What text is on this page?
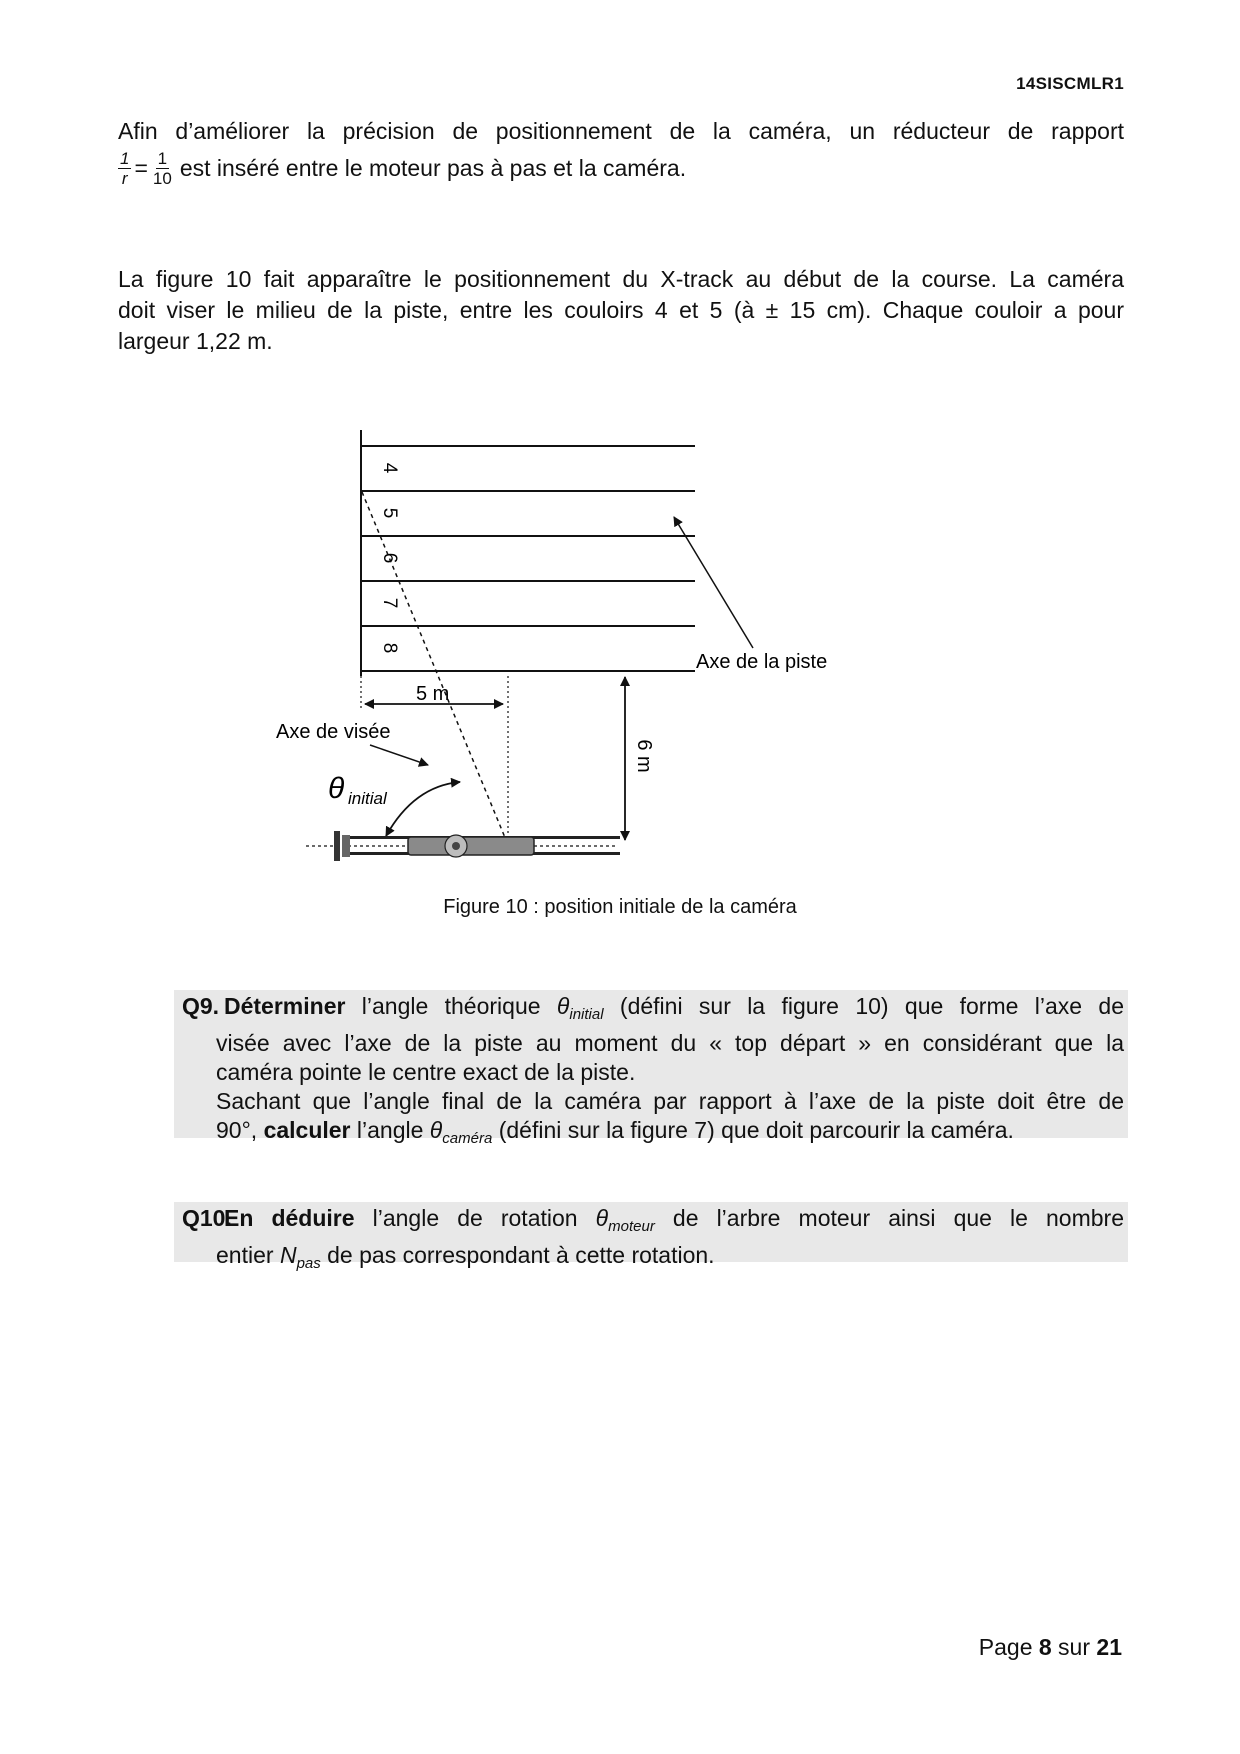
14SISCMLR1
Afin d’améliorer la précision de positionnement de la caméra, un réducteur de rapport
$\frac{1}{r} = \frac{1}{10}$ est inséré entre le moteur pas à pas et la caméra.
La figure 10 fait apparaître le positionnement du X-track au début de la course. La caméra
doit viser le milieu de la piste, entre les couloirs 4 et 5 (à ± 15 cm). Chaque couloir a pour
largeur 1,22 m.
4
5
6
7
8
5 m
6 m
Axe de la piste
Axe de visée
θ initial
Figure 10 : position initiale de la caméra
Q9. Déterminer l’angle théorique $\theta_{initial}$ (défini sur la figure 10) que forme l’axe de
visée avec l’axe de la piste au moment du « top départ » en considérant que la
caméra pointe le centre exact de la piste.
Sachant que l’angle final de la caméra par rapport à l’axe de la piste doit être de
90°, calculer l’angle $\theta_{caméra}$ (défini sur la figure 7) que doit parcourir la caméra.
Q10.
En déduire l’angle de rotation $\theta_{moteur}$ de l’arbre moteur ainsi que le nombre
entier $N_{pas}$ de pas correspondant à cette rotation.
Page 8 sur 21
